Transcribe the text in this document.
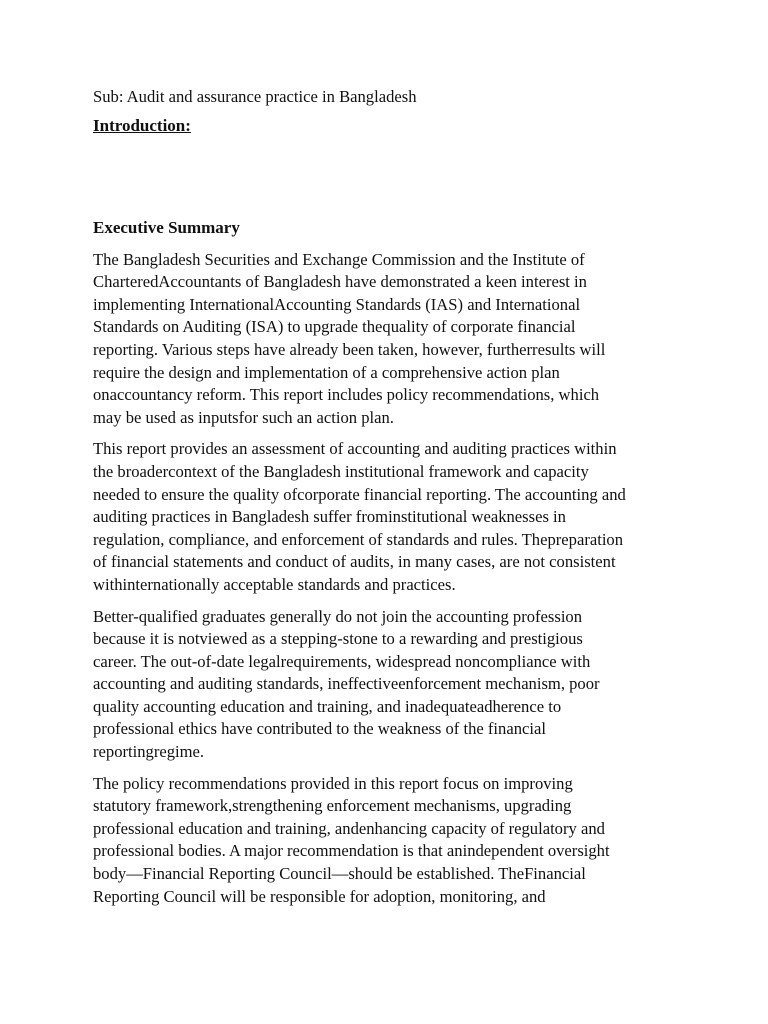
Sub: Audit and assurance practice in Bangladesh

Introduction:

Executive Summary

The Bangladesh Securities and Exchange Commission and the Institute of
CharteredAccountants of Bangladesh have demonstrated a keen interest in
implementing InternationalAccounting Standards (IAS) and International
Standards on Auditing (ISA) to upgrade thequality of corporate financial
reporting. Various steps have already been taken, however, furtherresults will
require the design and implementation of a comprehensive action plan
onaccountancy reform. This report includes policy recommendations, which
may be used as inputsfor such an action plan.

This report provides an assessment of accounting and auditing practices within
the broadercontext of the Bangladesh institutional framework and capacity
needed to ensure the quality ofcorporate financial reporting. The accounting and
auditing practices in Bangladesh suffer frominstitutional weaknesses in
regulation, compliance, and enforcement of standards and rules. Thepreparation
of financial statements and conduct of audits, in many cases, are not consistent
withinternationally acceptable standards and practices.

Better-qualified graduates generally do not join the accounting profession
because it is notviewed as a stepping-stone to a rewarding and prestigious
career. The out-of-date legalrequirements, widespread noncompliance with
accounting and auditing standards, ineffectiveenforcement mechanism, poor
quality accounting education and training, and inadequateadherence to
professional ethics have contributed to the weakness of the financial
reportingregime.

The policy recommendations provided in this report focus on improving
statutory framework,strengthening enforcement mechanisms, upgrading
professional education and training, andenhancing capacity of regulatory and
professional bodies. A major recommendation is that anindependent oversight
body—Financial Reporting Council—should be established. TheFinancial
Reporting Council will be responsible for adoption, monitoring, and
